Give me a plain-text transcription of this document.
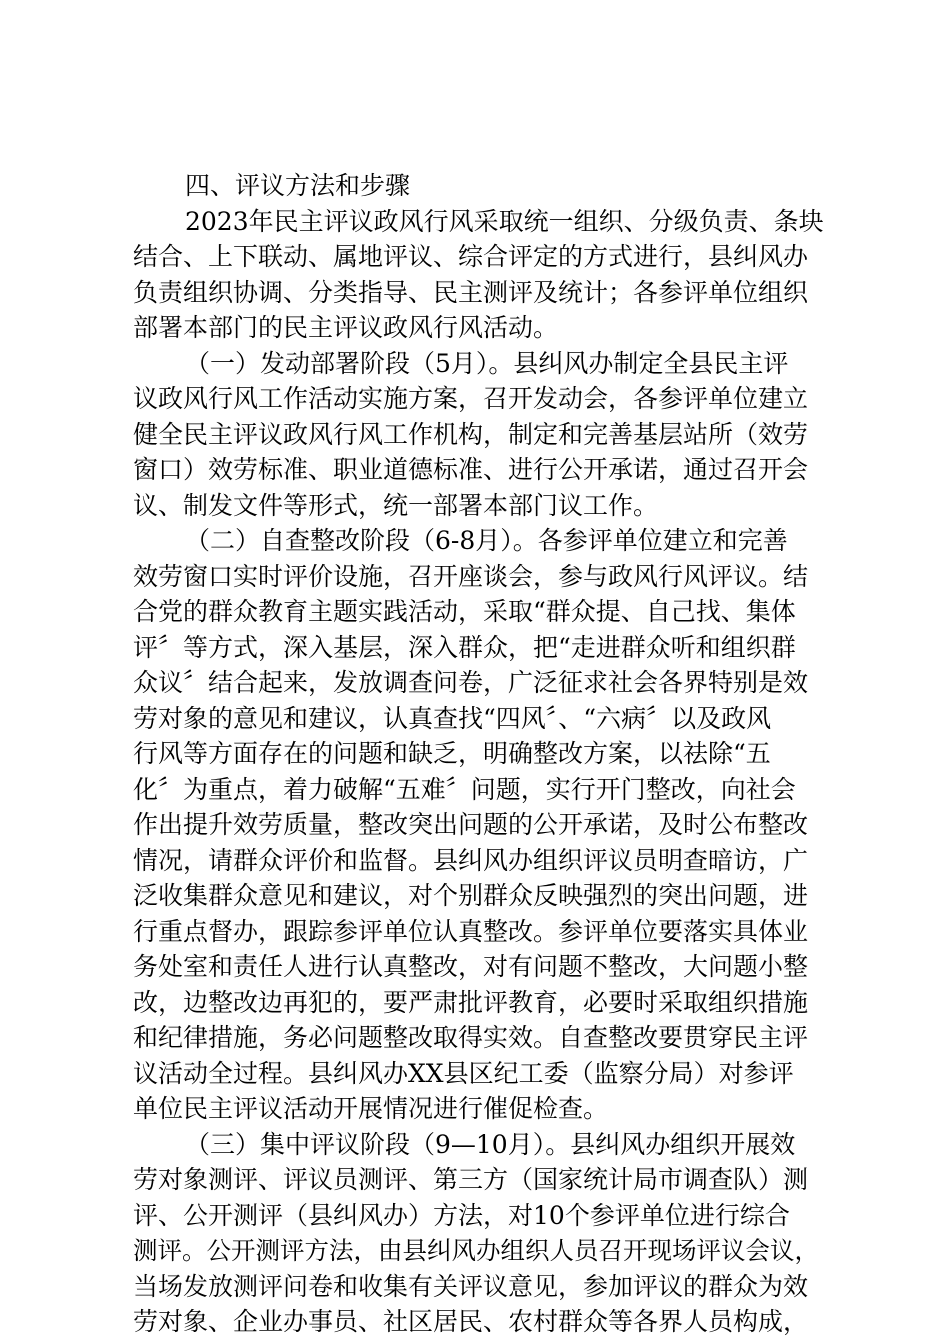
四、评议方法和步骤
2023年民主评议政风行风采取统一组织、分级负责、条块
结合、上下联动、属地评议、综合评定的方式进行，县纠风办
负责组织协调、分类指导、民主测评及统计；各参评单位组织
部署本部门的民主评议政风行风活动。
（一）发动部署阶段（5月）。县纠风办制定全县民主评
议政风行风工作活动实施方案，召开发动会，各参评单位建立
健全民主评议政风行风工作机构，制定和完善基层站所（效劳
窗口）效劳标准、职业道德标准、进行公开承诺，通过召开会
议、制发文件等形式，统一部署本部门议工作。
（二）自查整改阶段（6-8月）。各参评单位建立和完善
效劳窗口实时评价设施，召开座谈会，参与政风行风评议。结
合党的群众教育主题实践活动，采取“群众提、自己找、集体
评〞等方式，深入基层，深入群众，把“走进群众听和组织群
众议〞结合起来，发放调查问卷，广泛征求社会各界特别是效
劳对象的意见和建议，认真查找“四风〞、“六病〞以及政风
行风等方面存在的问题和缺乏，明确整改方案，以祛除“五
化〞为重点，着力破解“五难〞问题，实行开门整改，向社会
作出提升效劳质量，整改突出问题的公开承诺，及时公布整改
情况，请群众评价和监督。县纠风办组织评议员明查暗访，广
泛收集群众意见和建议，对个别群众反映强烈的突出问题，进
行重点督办，跟踪参评单位认真整改。参评单位要落实具体业
务处室和责任人进行认真整改，对有问题不整改，大问题小整
改，边整改边再犯的，要严肃批评教育，必要时采取组织措施
和纪律措施，务必问题整改取得实效。自查整改要贯穿民主评
议活动全过程。县纠风办XX县区纪工委（监察分局）对参评
单位民主评议活动开展情况进行催促检查。
（三）集中评议阶段（9—10月）。县纠风办组织开展效
劳对象测评、评议员测评、第三方（国家统计局市调查队）测
评、公开测评（县纠风办）方法，对10个参评单位进行综合
测评。公开测评方法，由县纠风办组织人员召开现场评议会议，
当场发放测评问卷和收集有关评议意见，参加评议的群众为效
劳对象、企业办事员、社区居民、农村群众等各界人员构成，
